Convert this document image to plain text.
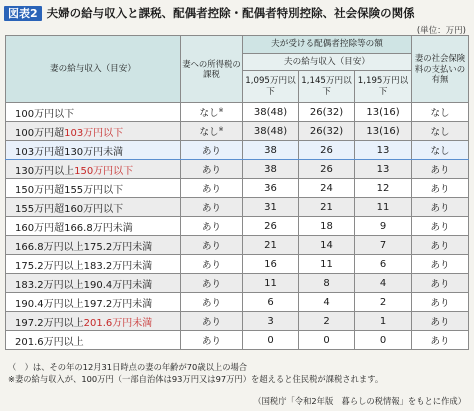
図表2 夫婦の給与収入と課税、配偶者控除・配偶者特別控除、社会保険の関係
(単位：万円)
妻の給与収入（目安）	妻への所得税の課税	夫が受ける配偶者控除等の額			妻の社会保険料の支払いの有無
		夫の給与収入（目安）			
		1,095万円以下	1,145万円以下	1,195万円以下	
100万円以下	なし※	38(48)	26(32)	13(16)	なし
100万円超103万円以下	なし※	38(48)	26(32)	13(16)	なし
103万円超130万円未満	あり	38	26	13	なし
130万円以上150万円以下	あり	38	26	13	あり
150万円超155万円以下	あり	36	24	12	あり
155万円超160万円以下	あり	31	21	11	あり
160万円超166.8万円未満	あり	26	18	9	あり
166.8万円以上175.2万円未満	あり	21	14	7	あり
175.2万円以上183.2万円未満	あり	16	11	6	あり
183.2万円以上190.4万円未満	あり	11	8	4	あり
190.4万円以上197.2万円未満	あり	6	4	2	あり
197.2万円以上201.6万円未満	あり	3	2	1	あり
201.6万円以上	あり	0	0	0	あり
（　）は、その年の12月31日時点の妻の年齢が70歳以上の場合
※妻の給与収入が、100万円（一部自治体は93万円又は97万円）を超えると住民税が課税されます。
（国税庁「令和2年版　暮らしの税情報」をもとに作成）
